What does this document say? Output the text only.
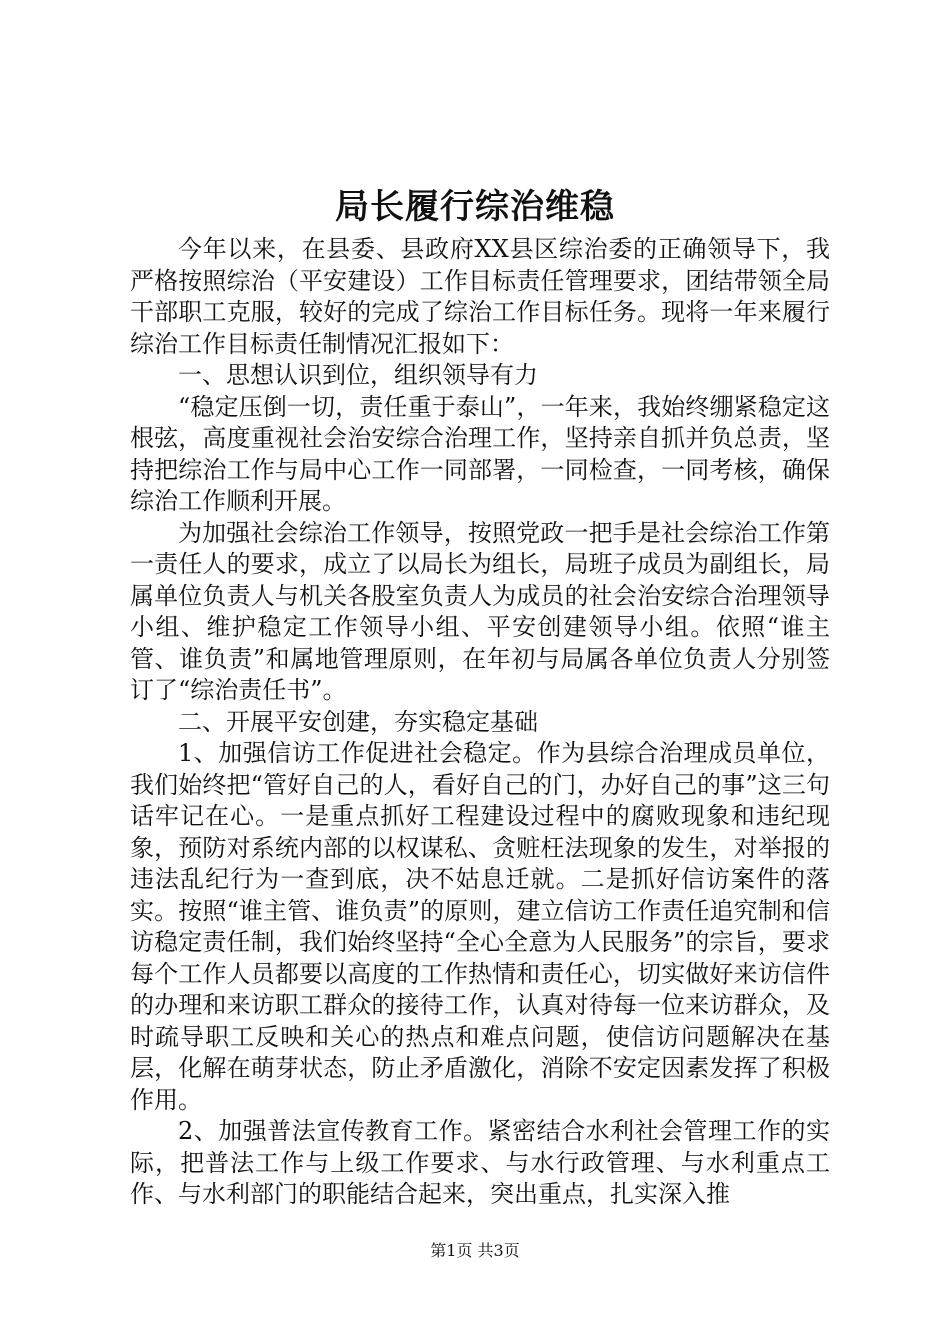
局长履行综治维稳

今年以来，在县委、县政府XX县区综治委的正确领导下，我严格按照综治（平安建设）工作目标责任管理要求，团结带领全局干部职工克服，较好的完成了综治工作目标任务。现将一年来履行综治工作目标责任制情况汇报如下：

一、思想认识到位，组织领导有力

“稳定压倒一切，责任重于泰山”，一年来，我始终绷紧稳定这根弦，高度重视社会治安综合治理工作，坚持亲自抓并负总责，坚持把综治工作与局中心工作一同部署，一同检查，一同考核，确保综治工作顺利开展。

为加强社会综治工作领导，按照党政一把手是社会综治工作第一责任人的要求，成立了以局长为组长，局班子成员为副组长，局属单位负责人与机关各股室负责人为成员的社会治安综合治理领导小组、维护稳定工作领导小组、平安创建领导小组。依照“谁主管、谁负责”和属地管理原则，在年初与局属各单位负责人分别签订了“综治责任书”。

二、开展平安创建，夯实稳定基础

1、加强信访工作促进社会稳定。作为县综合治理成员单位，我们始终把“管好自己的人，看好自己的门，办好自己的事”这三句话牢记在心。一是重点抓好工程建设过程中的腐败现象和违纪现象，预防对系统内部的以权谋私、贪赃枉法现象的发生，对举报的违法乱纪行为一查到底，决不姑息迁就。二是抓好信访案件的落实。按照“谁主管、谁负责”的原则，建立信访工作责任追究制和信访稳定责任制，我们始终坚持“全心全意为人民服务”的宗旨，要求每个工作人员都要以高度的工作热情和责任心，切实做好来访信件的办理和来访职工群众的接待工作，认真对待每一位来访群众，及时疏导职工反映和关心的热点和难点问题，使信访问题解决在基层，化解在萌芽状态，防止矛盾激化，消除不安定因素发挥了积极作用。

2、加强普法宣传教育工作。紧密结合水利社会管理工作的实际，把普法工作与上级工作要求、与水行政管理、与水利重点工作、与水利部门的职能结合起来，突出重点，扎实深入推

第1页 共3页
